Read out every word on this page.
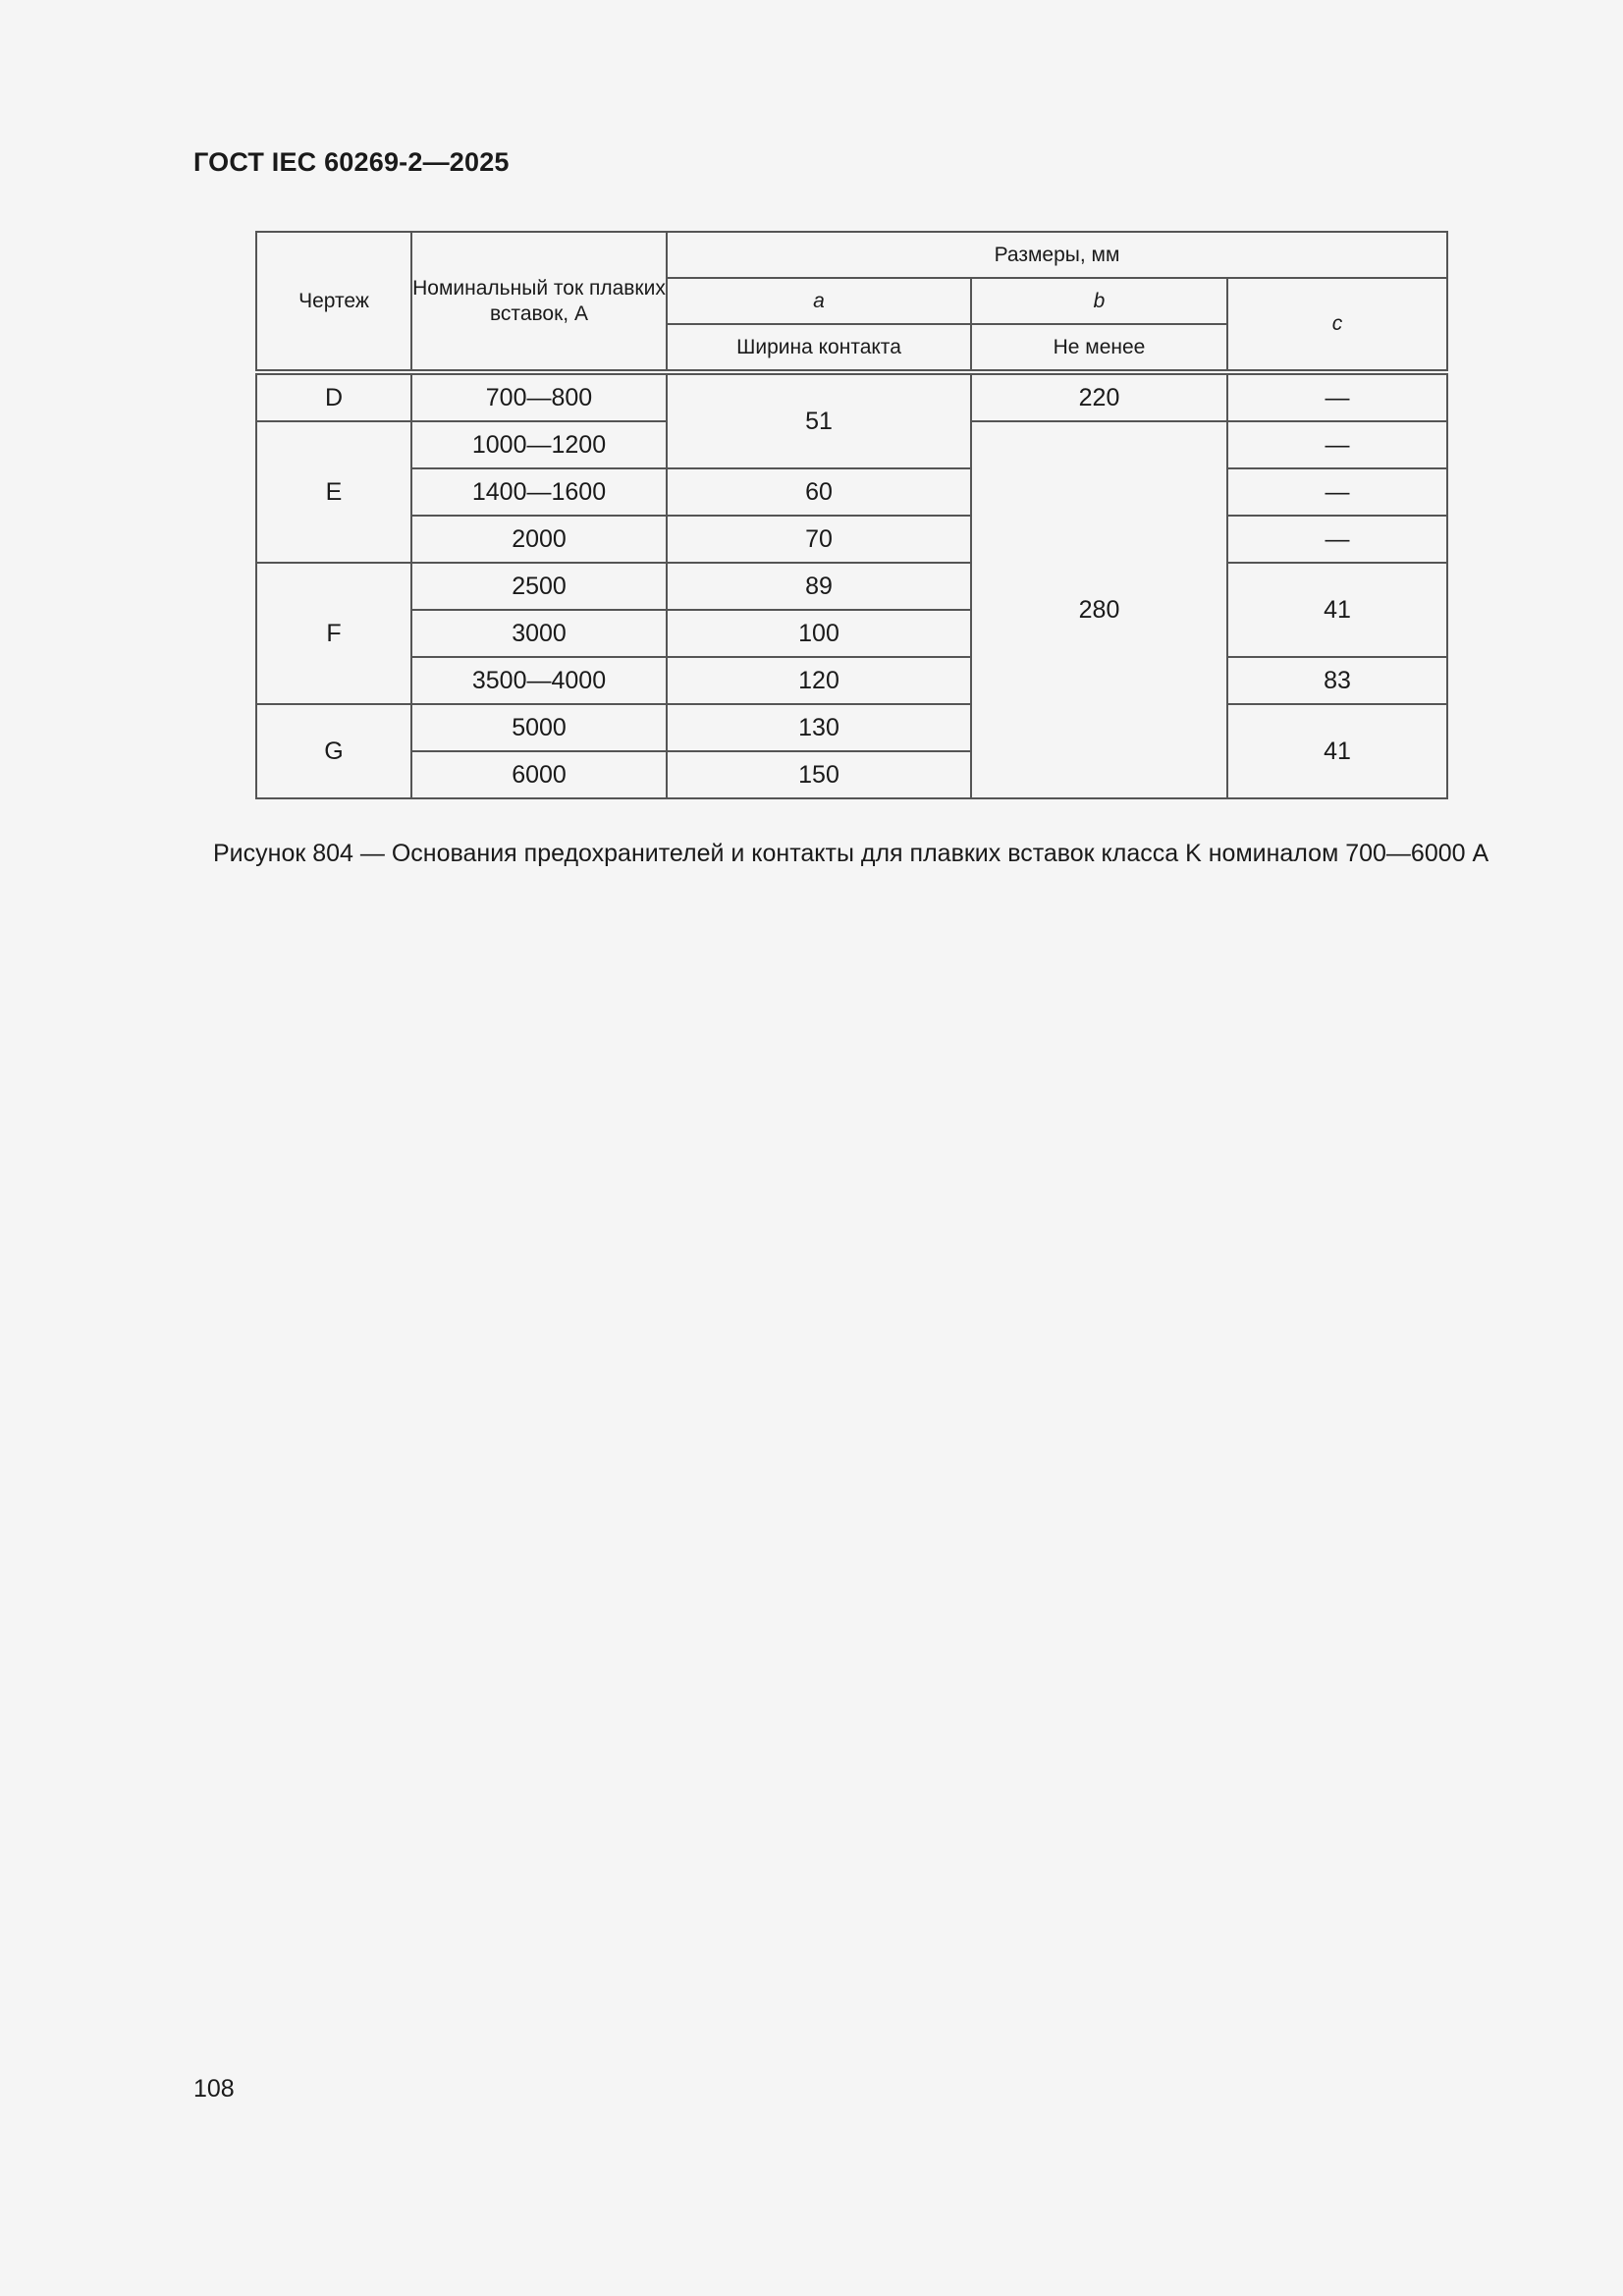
ГОСТ IEC 60269-2—2025
Чертеж	Номинальный ток плавких вставок, А	Размеры, мм		
		a	b	c
		Ширина контакта	Не менее	
D	700—800	51	220	—
E	1000—1200		280	—
	1400—1600	60		—
	2000	70		—
F	2500	89		41
	3000	100		
	3500—4000	120		83
G	5000	130		41
	6000	150		
Рисунок 804 — Основания предохранителей и контакты для плавких вставок класса K номиналом 700—6000 А
108
